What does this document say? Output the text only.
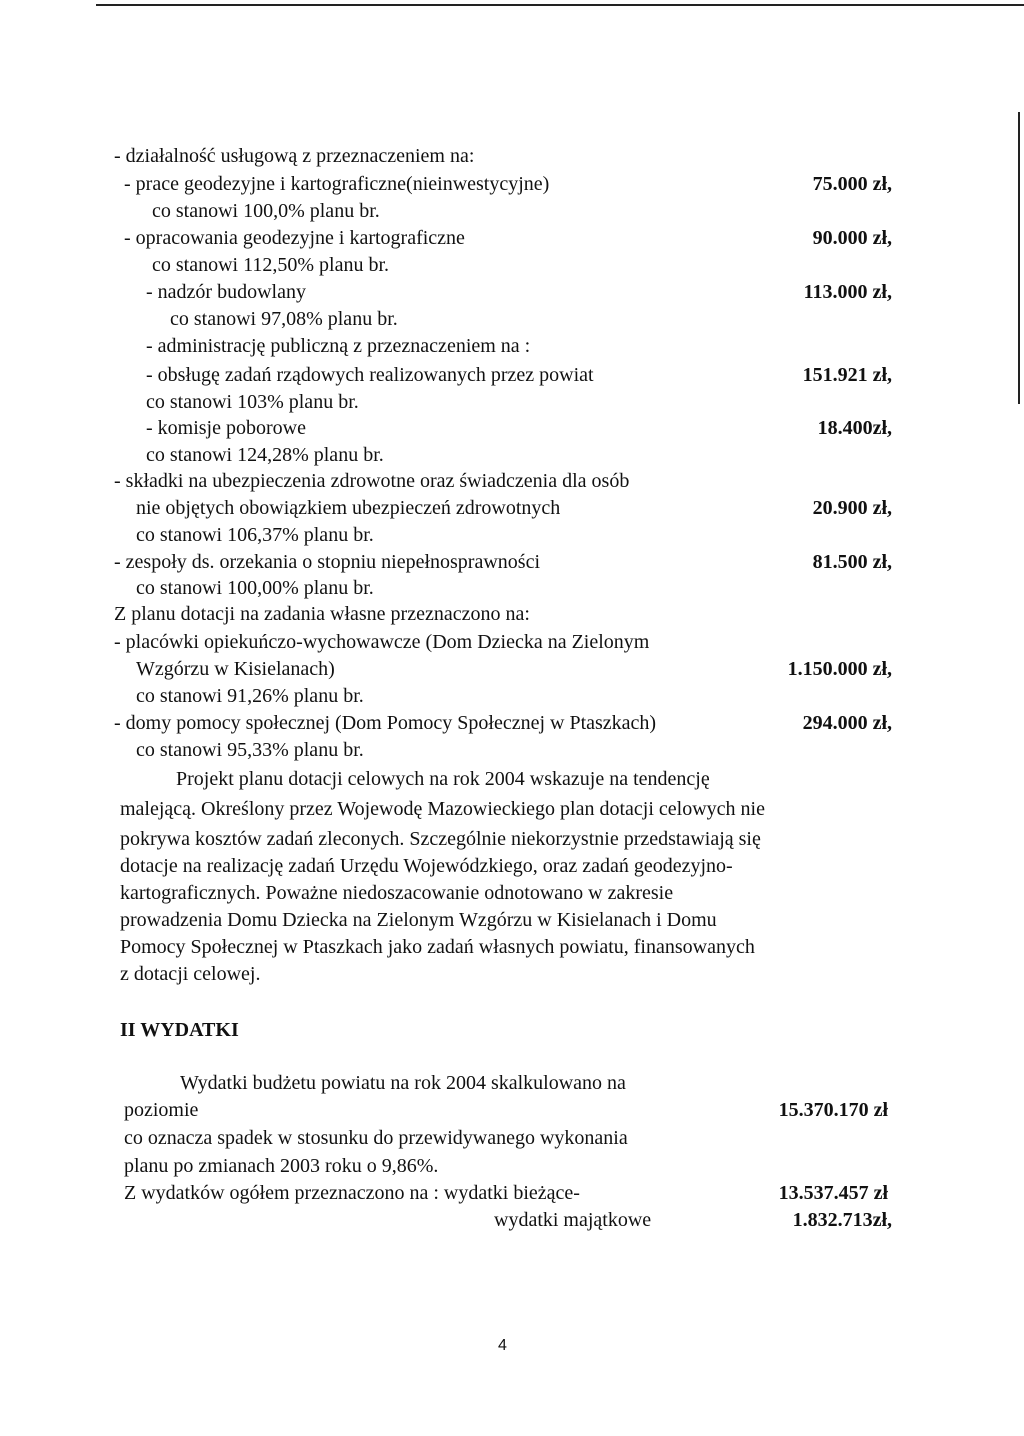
- działalność usługową z przeznaczeniem na:
- prace geodezyjne i kartograficzne(nieinwestycyjne)	75.000 zł,
co stanowi 100,0% planu br.
- opracowania geodezyjne i kartograficzne	90.000 zł,
co stanowi 112,50% planu br.
- nadzór budowlany	113.000 zł,
co stanowi 97,08% planu br.
- administrację publiczną z przeznaczeniem na :
- obsługę zadań rządowych realizowanych przez powiat	151.921 zł,
co stanowi 103% planu br.
- komisje poborowe	18.400zł,
co stanowi 124,28% planu br.
- składki na ubezpieczenia zdrowotne oraz świadczenia dla osób
nie objętych obowiązkiem ubezpieczeń zdrowotnych	20.900 zł,
co stanowi 106,37% planu br.
- zespoły ds. orzekania o stopniu niepełnosprawności	81.500 zł,
co stanowi 100,00% planu br.
Z planu dotacji na zadania własne przeznaczono na:
- placówki opiekuńczo-wychowawcze (Dom Dziecka na Zielonym
Wzgórzu w Kisielanach)	1.150.000 zł,
co stanowi 91,26% planu br.
- domy pomocy społecznej (Dom Pomocy Społecznej w Ptaszkach)	294.000 zł,
co stanowi 95,33% planu br.
Projekt planu dotacji celowych na rok 2004 wskazuje na tendencję
malejącą. Określony przez Wojewodę Mazowieckiego plan dotacji celowych nie
pokrywa kosztów zadań zleconych. Szczególnie niekorzystnie przedstawiają się
dotacje na realizację zadań Urzędu Wojewódzkiego, oraz zadań geodezyjno-
kartograficznych. Poważne niedoszacowanie odnotowano w zakresie
prowadzenia Domu Dziecka na Zielonym Wzgórzu w Kisielanach i Domu
Pomocy Społecznej w Ptaszkach jako zadań własnych powiatu, finansowanych
z dotacji celowej.
II WYDATKI
Wydatki budżetu powiatu na rok 2004 skalkulowano na
poziomie	15.370.170 zł
co oznacza spadek w stosunku do przewidywanego wykonania
planu po zmianach 2003 roku o 9,86%.
Z wydatków ogółem przeznaczono na : wydatki bieżące-	13.537.457 zł
wydatki majątkowe	1.832.713zł,
4
